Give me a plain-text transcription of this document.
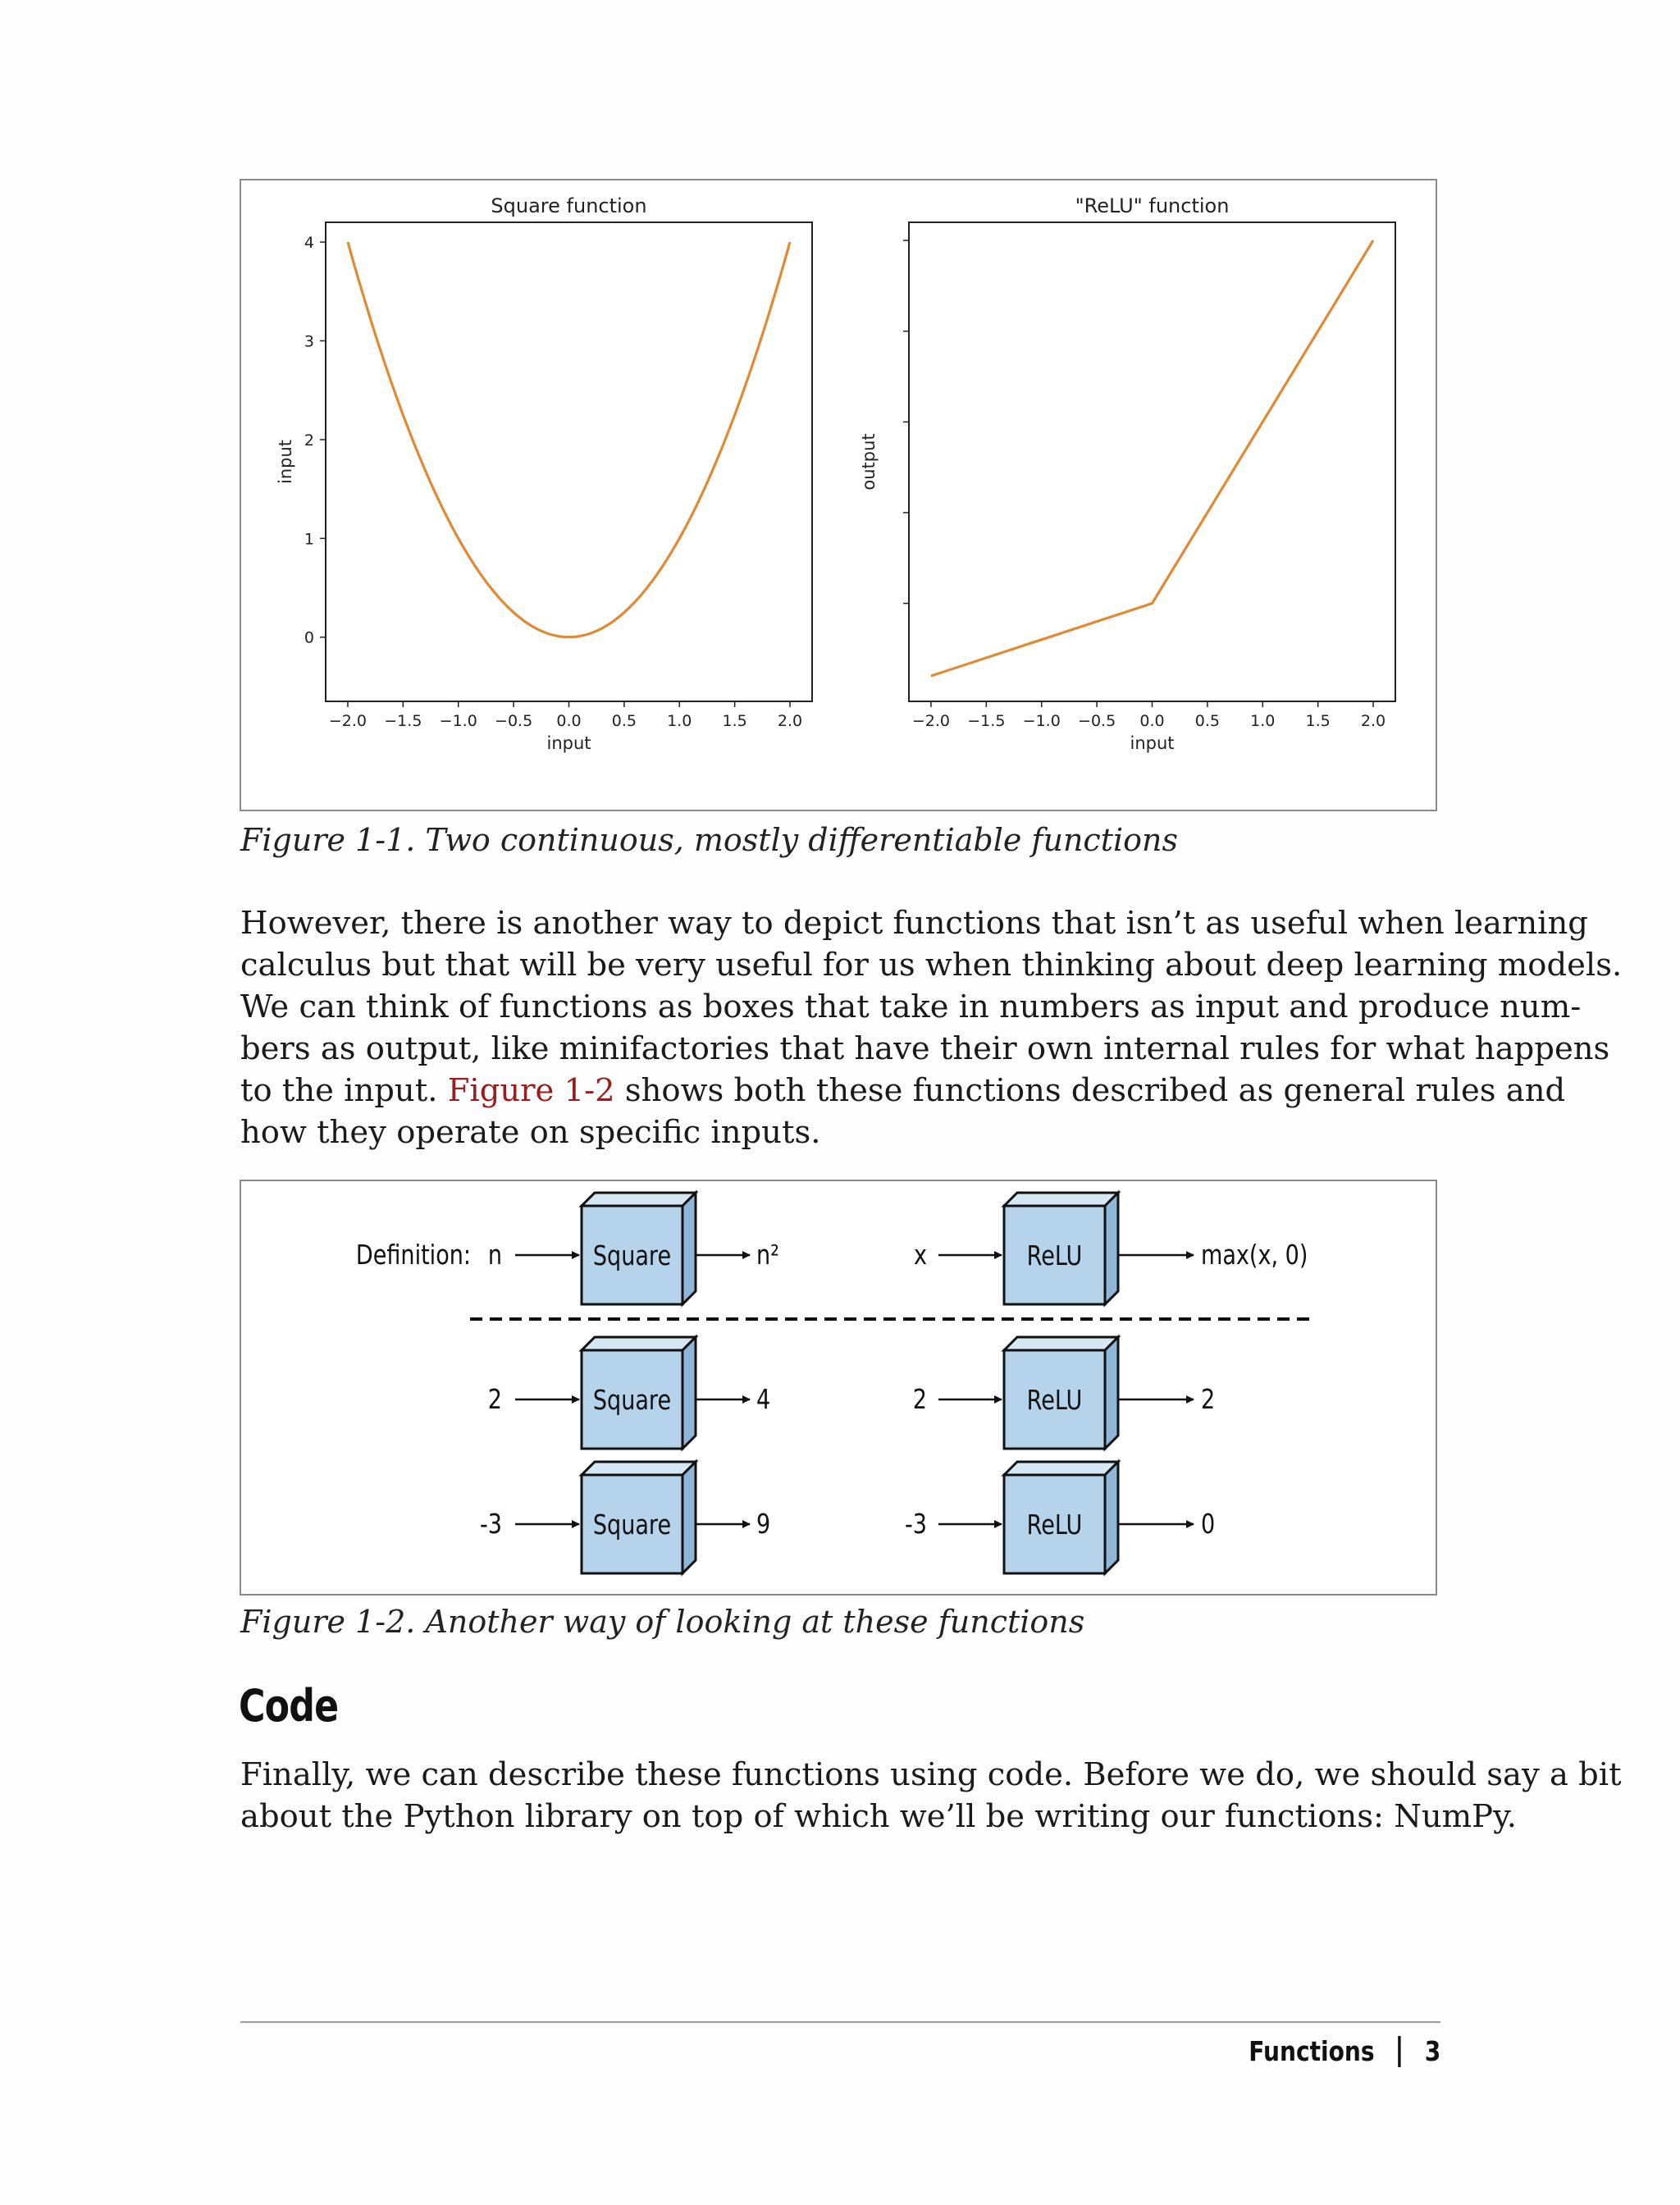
Square function
−2.0 −1.5 −1.0 −0.5 0.0 0.5 1.0 1.5 2.0
input
0
1
2
3
4
input
"ReLU" function
−2.0 −1.5 −1.0 −0.5 0.0 0.5 1.0 1.5 2.0
input
output
Figure 1-1. Two continuous, mostly differentiable functions
However, there is another way to depict functions that isn’t as useful when learning
calculus but that will be very useful for us when thinking about deep learning models.
We can think of functions as boxes that take in numbers as input and produce num-
bers as output, like minifactories that have their own internal rules for what happens
to the input. Figure 1-2 shows both these functions described as general rules and
how they operate on specific inputs.
Definition: n	Square	n²	x	ReLU	max(x, 0)
2	Square	4	2	ReLU	2
-3	Square	9	-3	ReLU	0
Figure 1-2. Another way of looking at these functions
Code
Finally, we can describe these functions using code. Before we do, we should say a bit
about the Python library on top of which we’ll be writing our functions: NumPy.
Functions 3
